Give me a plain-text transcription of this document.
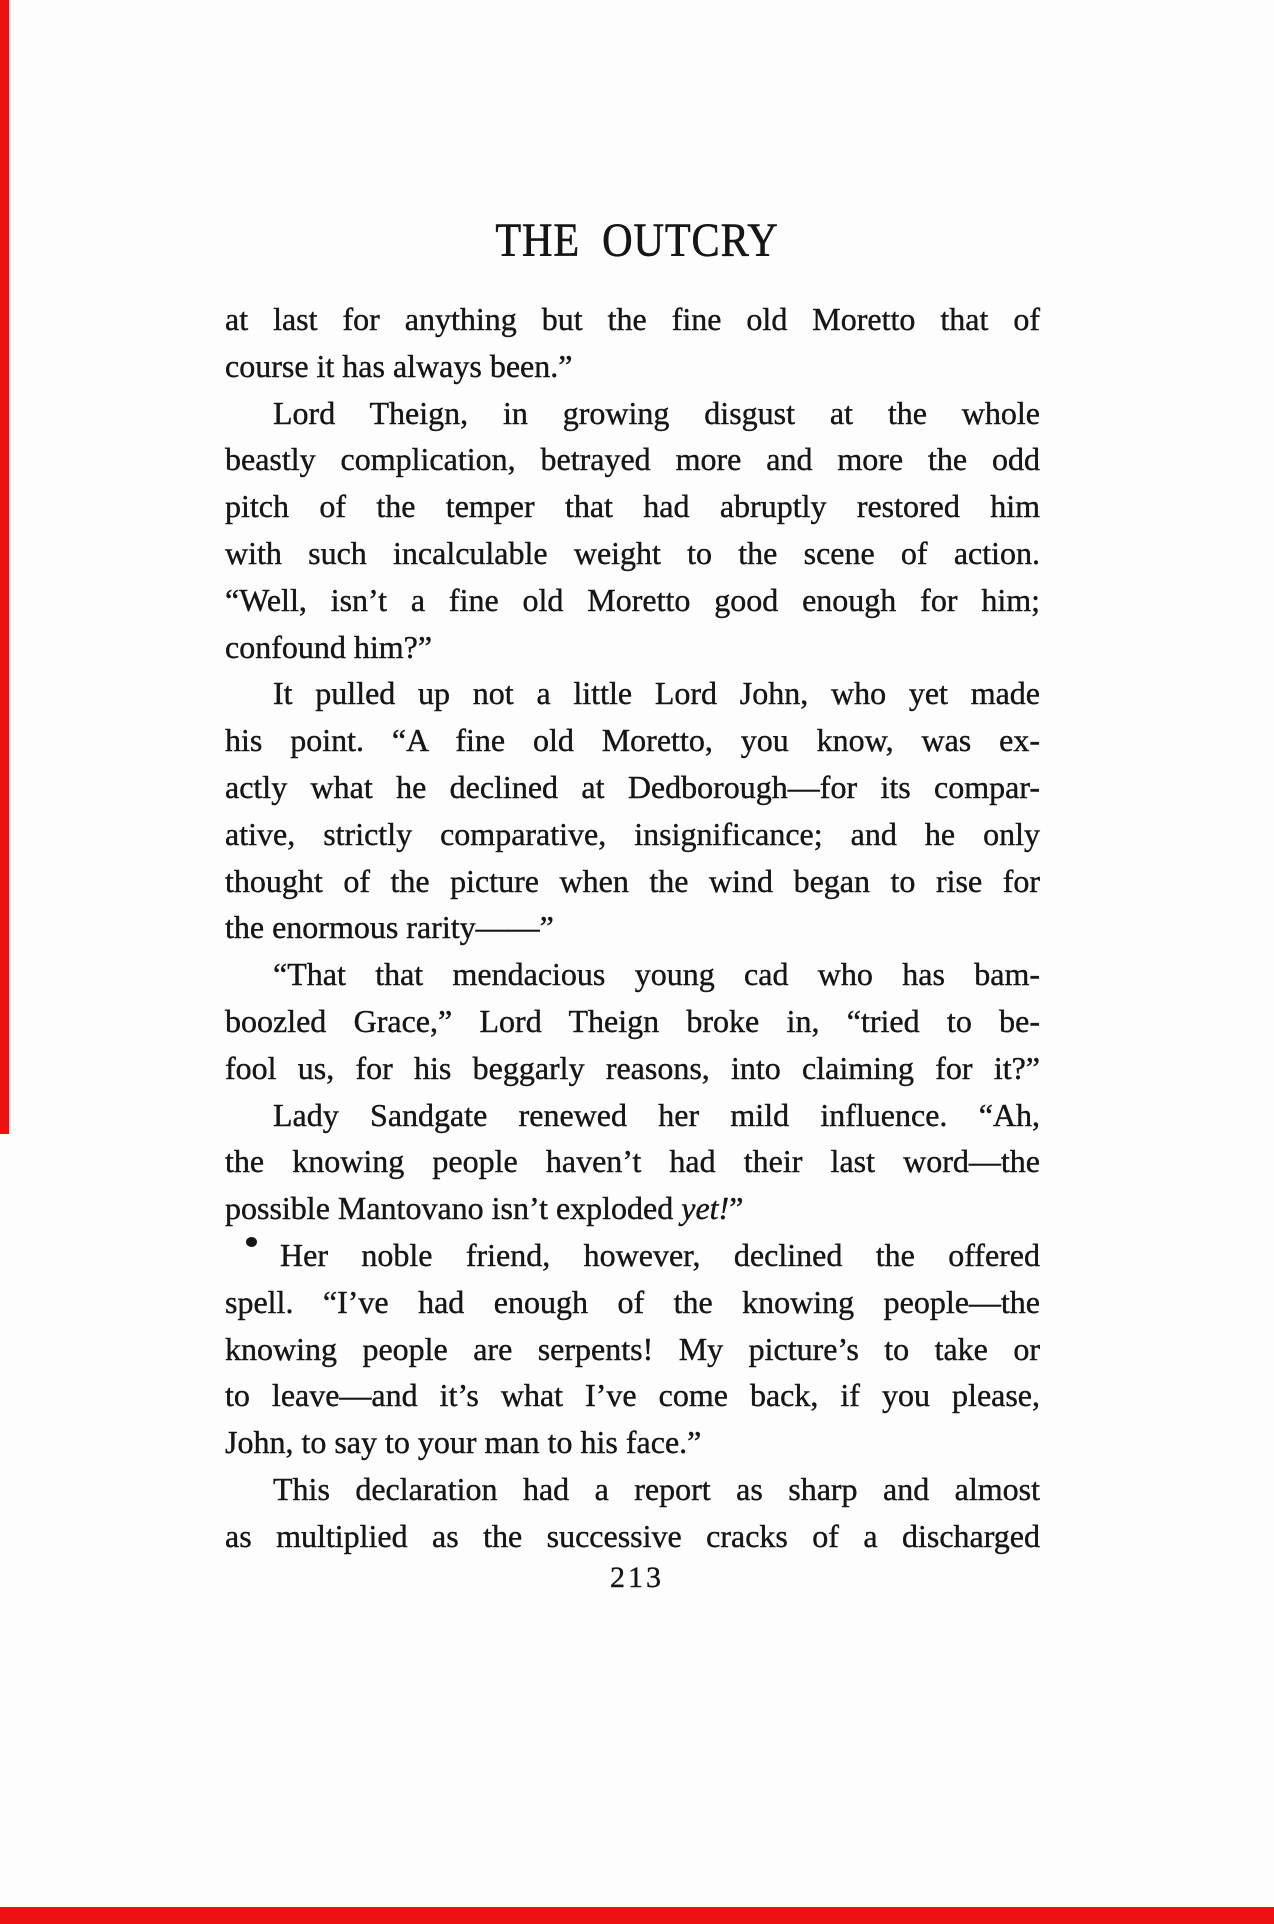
THE OUTCRY
at last for anything but the fine old Moretto that of
course it has always been.”
Lord Theign, in growing disgust at the whole
beastly complication, betrayed more and more the odd
pitch of the temper that had abruptly restored him
with such incalculable weight to the scene of action.
“Well, isn’t a fine old Moretto good enough for him;
confound him?”
It pulled up not a little Lord John, who yet made
his point. “A fine old Moretto, you know, was ex-
actly what he declined at Dedborough—for its compar-
ative, strictly comparative, insignificance; and he only
thought of the picture when the wind began to rise for
the enormous rarity——”
“That that mendacious young cad who has bam-
boozled Grace,” Lord Theign broke in, “tried to be-
fool us, for his beggarly reasons, into claiming for it?”
Lady Sandgate renewed her mild influence. “Ah,
the knowing people haven’t had their last word—the
possible Mantovano isn’t exploded yet!”
Her noble friend, however, declined the offered
spell. “I’ve had enough of the knowing people—the
knowing people are serpents! My picture’s to take or
to leave—and it’s what I’ve come back, if you please,
John, to say to your man to his face.”
This declaration had a report as sharp and almost
as multiplied as the successive cracks of a discharged
213
